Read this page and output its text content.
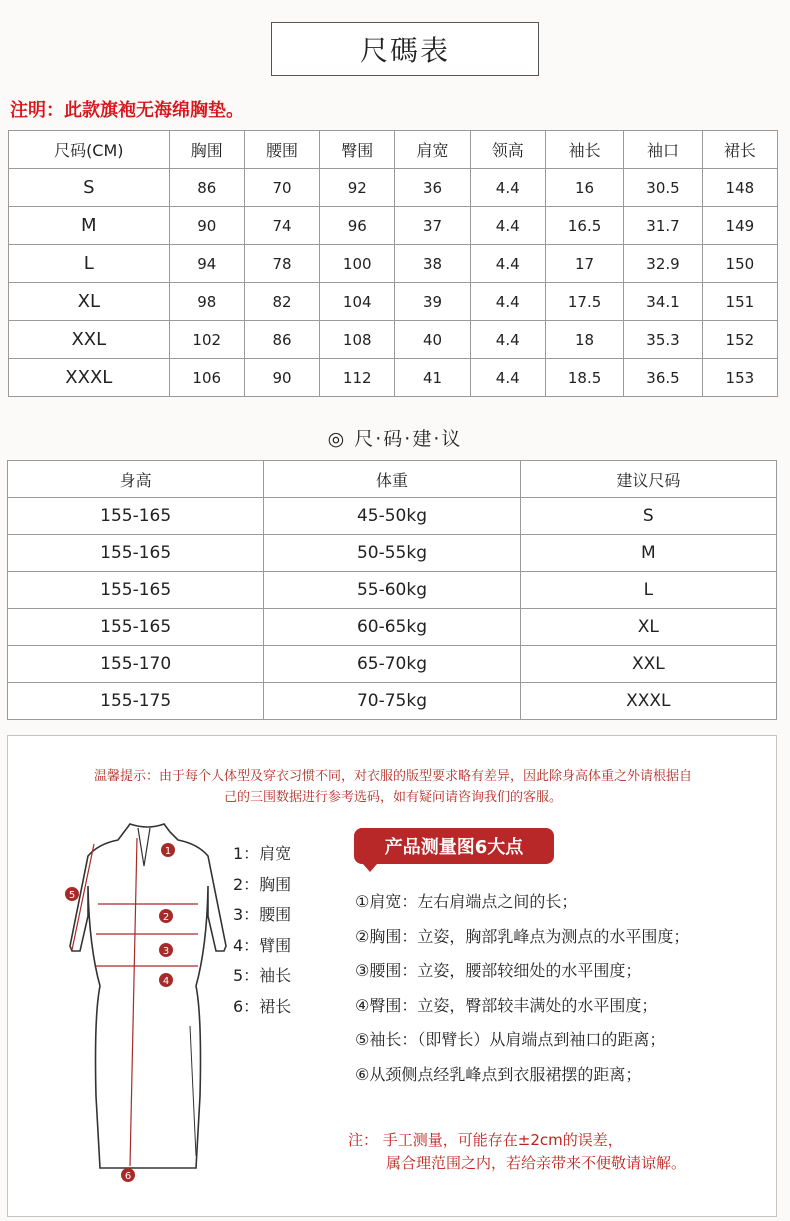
尺碼表
注明：此款旗袍无海绵胸垫。
尺码(CM)	胸围	腰围	臀围	肩宽	领高	袖长	袖口	裙长
S	86	70	92	36	4.4	16	30.5	148
M	90	74	96	37	4.4	16.5	31.7	149
L	94	78	100	38	4.4	17	32.9	150
XL	98	82	104	39	4.4	17.5	34.1	151
XXL	102	86	108	40	4.4	18	35.3	152
XXXL	106	90	112	41	4.4	18.5	36.5	153
◎ 尺·码·建·议
身高	体重	建议尺码
155-165	45-50kg	S
155-165	50-55kg	M
155-165	55-60kg	L
155-165	60-65kg	XL
155-170	65-70kg	XXL
155-175	70-75kg	XXXL
温馨提示：由于每个人体型及穿衣习惯不同，对衣服的版型要求略有差异，因此除身高体重之外请根据自
己的三围数据进行参考选码，如有疑问请咨询我们的客服。
1
2
3
4
5
6
1：肩宽
2：胸围
3：腰围
4：臂围
5：袖长
6：裙长
产品测量图6大点
①肩宽：左右肩端点之间的长；
②胸围：立姿，胸部乳峰点为测点的水平围度；
③腰围：立姿，腰部较细处的水平围度；
④臀围：立姿，臀部较丰满处的水平围度；
⑤袖长：（即臂长）从肩端点到袖口的距离；
⑥从颈侧点经乳峰点到衣服裙摆的距离；
注： 手工测量，可能存在±2cm的误差，
属合理范围之内，若给亲带来不便敬请谅解。
